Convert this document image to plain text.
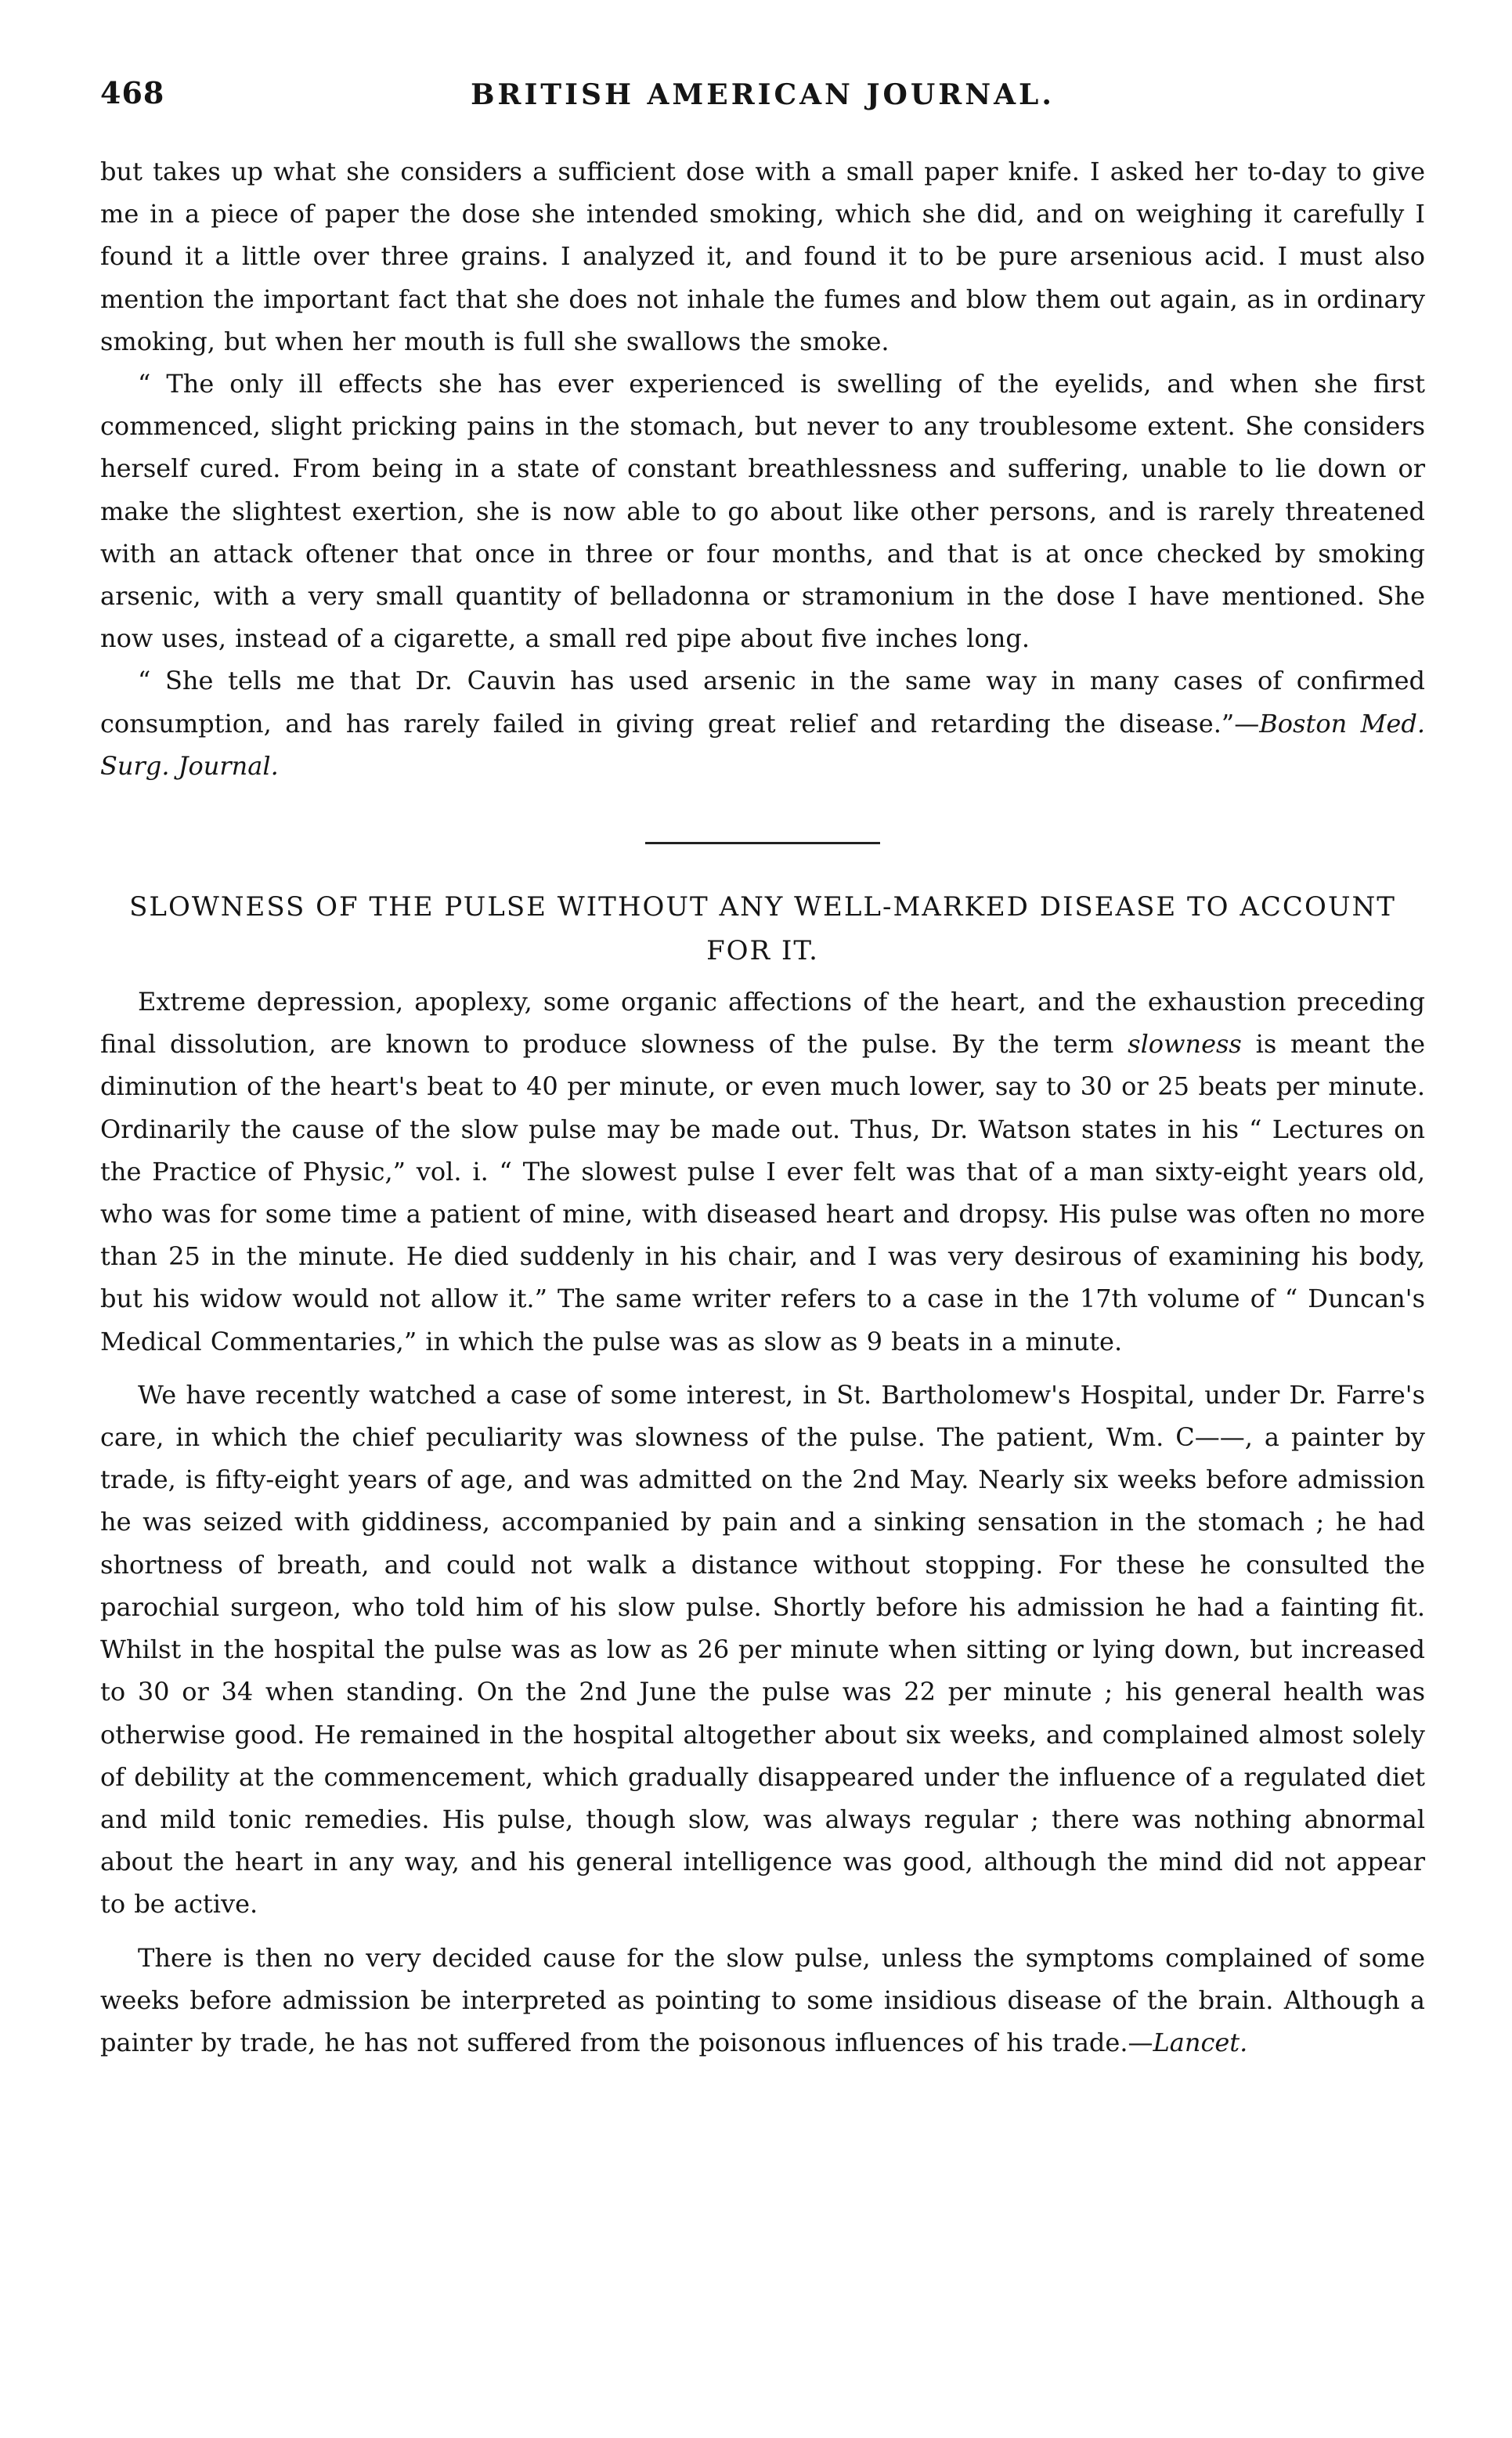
468	BRITISH AMERICAN JOURNAL.

but takes up what she considers a sufficient dose with a small paper knife. I asked her to-day to give me in a piece of paper the dose she intended smoking, which she did, and on weighing it carefully I found it a little over three grains. I analyzed it, and found it to be pure arsenious acid. I must also mention the important fact that she does not inhale the fumes and blow them out again, as in ordinary smoking, but when her mouth is full she swallows the smoke.

“ The only ill effects she has ever experienced is swelling of the eyelids, and when she first commenced, slight pricking pains in the stomach, but never to any troublesome extent. She considers herself cured. From being in a state of constant breathlessness and suffering, unable to lie down or make the slightest exertion, she is now able to go about like other persons, and is rarely threatened with an attack oftener that once in three or four months, and that is at once checked by smoking arsenic, with a very small quantity of belladonna or stramonium in the dose I have mentioned. She now uses, instead of a cigarette, a small red pipe about five inches long.

“ She tells me that Dr. Cauvin has used arsenic in the same way in many cases of confirmed consumption, and has rarely failed in giving great relief and retarding the disease.”—Boston Med. Surg. Journal.

SLOWNESS OF THE PULSE WITHOUT ANY WELL-MARKED DISEASE TO ACCOUNT FOR IT.

Extreme depression, apoplexy, some organic affections of the heart, and the exhaustion preceding final dissolution, are known to produce slowness of the pulse. By the term slowness is meant the diminution of the heart's beat to 40 per minute, or even much lower, say to 30 or 25 beats per minute. Ordinarily the cause of the slow pulse may be made out. Thus, Dr. Watson states in his “ Lectures on the Practice of Physic,” vol. i. “ The slowest pulse I ever felt was that of a man sixty-eight years old, who was for some time a patient of mine, with diseased heart and dropsy. His pulse was often no more than 25 in the minute. He died suddenly in his chair, and I was very desirous of examining his body, but his widow would not allow it.” The same writer refers to a case in the 17th volume of “ Duncan's Medical Commentaries,” in which the pulse was as slow as 9 beats in a minute.

We have recently watched a case of some interest, in St. Bartholomew's Hospital, under Dr. Farre's care, in which the chief peculiarity was slowness of the pulse. The patient, Wm. C——, a painter by trade, is fifty-eight years of age, and was admitted on the 2nd May. Nearly six weeks before admission he was seized with giddiness, accompanied by pain and a sinking sensation in the stomach ; he had shortness of breath, and could not walk a distance without stopping. For these he consulted the parochial surgeon, who told him of his slow pulse. Shortly before his admission he had a fainting fit. Whilst in the hospital the pulse was as low as 26 per minute when sitting or lying down, but increased to 30 or 34 when standing. On the 2nd June the pulse was 22 per minute ; his general health was otherwise good. He remained in the hospital altogether about six weeks, and complained almost solely of debility at the commencement, which gradually disappeared under the influence of a regulated diet and mild tonic remedies. His pulse, though slow, was always regular ; there was nothing abnormal about the heart in any way, and his general intelligence was good, although the mind did not appear to be active.

There is then no very decided cause for the slow pulse, unless the symptoms complained of some weeks before admission be interpreted as pointing to some insidious disease of the brain. Although a painter by trade, he has not suffered from the poisonous influences of his trade.—Lancet.
